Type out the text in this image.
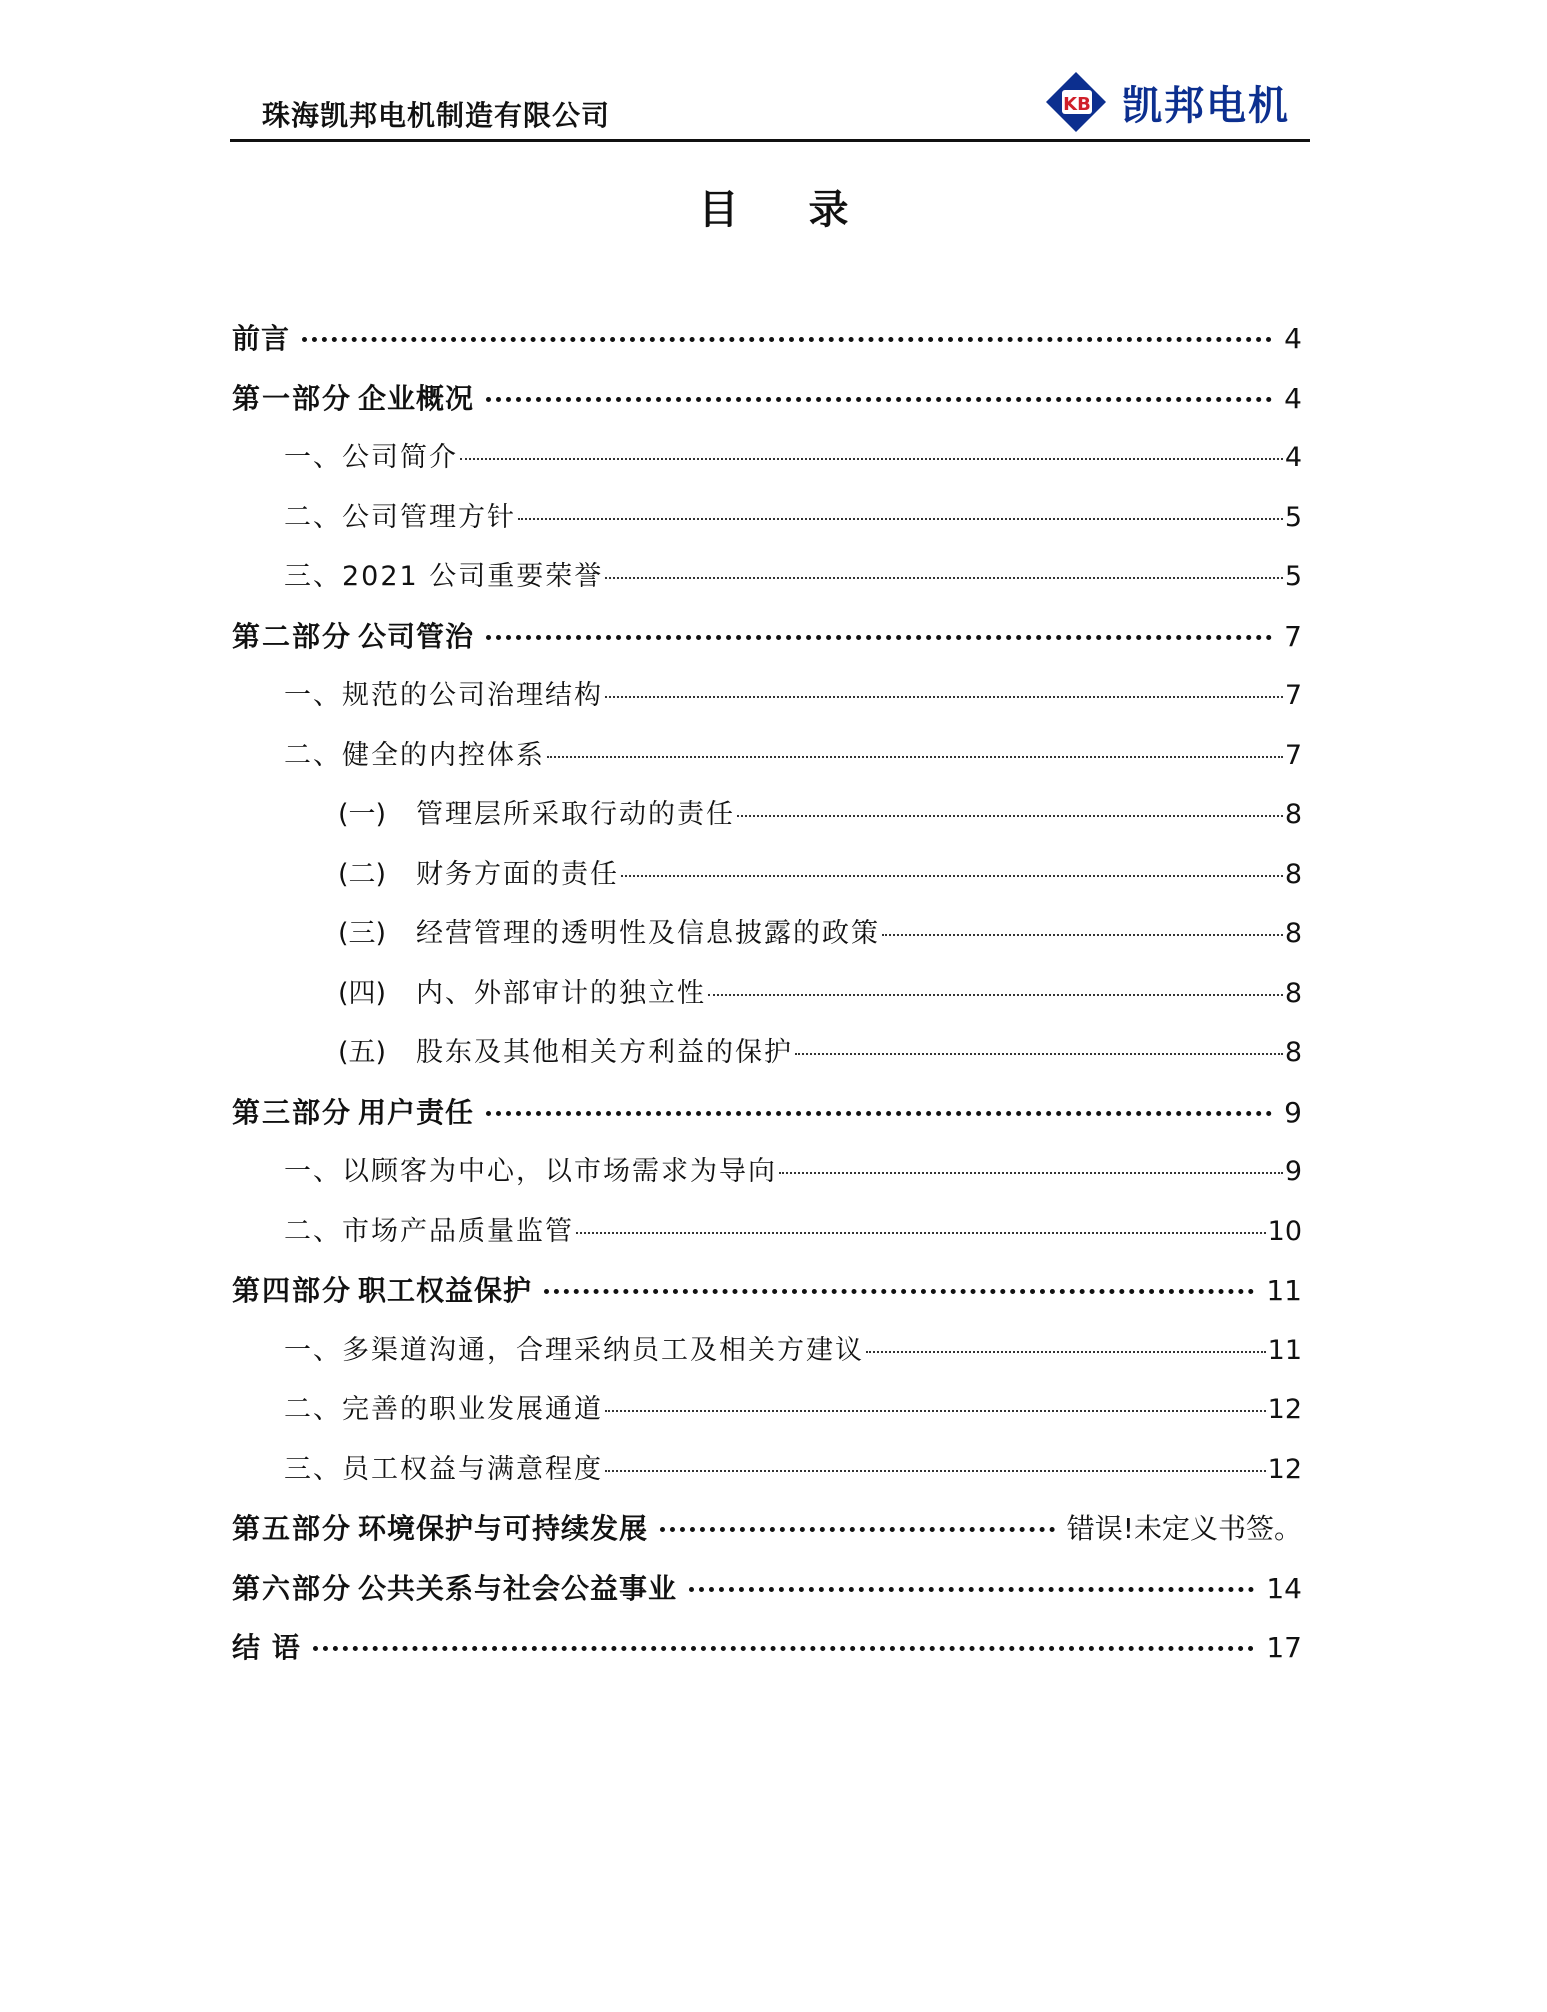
珠海凯邦电机制造有限公司	KB 凯邦电机
目 录
前言	4
第一部分 企业概况	4
一、公司简介	4
二、公司管理方针	5
三、2021 公司重要荣誉	5
第二部分 公司管治	7
一、规范的公司治理结构	7
二、健全的内控体系	7
(一)	管理层所采取行动的责任	8
(二)	财务方面的责任	8
(三)	经营管理的透明性及信息披露的政策	8
(四)	内、外部审计的独立性	8
(五)	股东及其他相关方利益的保护	8
第三部分 用户责任	9
一、以顾客为中心，以市场需求为导向	9
二、市场产品质量监管	10
第四部分 职工权益保护	11
一、多渠道沟通，合理采纳员工及相关方建议	11
二、完善的职业发展通道	12
三、员工权益与满意程度	12
第五部分 环境保护与可持续发展	错误!未定义书签。
第六部分 公共关系与社会公益事业	14
结 语	17
